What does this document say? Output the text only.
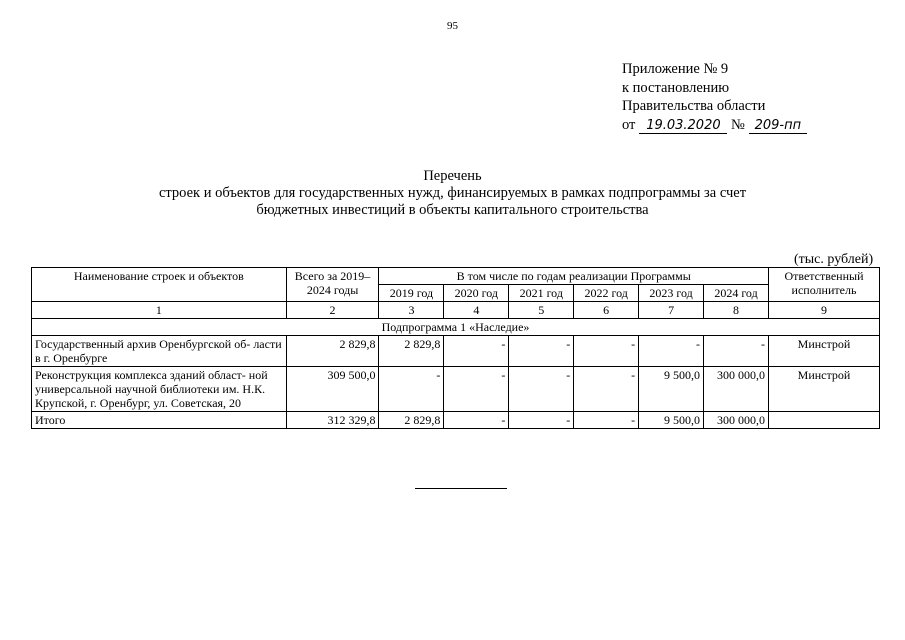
95
Приложение № 9
к постановлению
Правительства области
от 19.03.2020 № 209-пп
Перечень
строек и объектов для государственных нужд, финансируемых в рамках подпрограммы за счет
бюджетных инвестиций в объекты капитального строительства
(тыс. рублей)
Наименование строек и объектов	Всего за 2019– 2024 годы	В том числе по годам реализации Программы						Ответственный исполнитель
		2019 год	2020 год	2021 год	2022 год	2023 год	2024 год	
1	2	3	4	5	6	7	8	9
Подпрограмма 1 «Наследие»								
Государственный архив Оренбургской об- ласти в г. Оренбурге	2 829,8	2 829,8	-	-	-	-	-	Минстрой
Реконструкция комплекса зданий област- ной универсальной научной библиотеки им. Н.К. Крупской, г. Оренбург, ул. Советская, 20	309 500,0	-	-	-	-	9 500,0	300 000,0	Минстрой
Итого	312 329,8	2 829,8	-	-	-	9 500,0	300 000,0	
